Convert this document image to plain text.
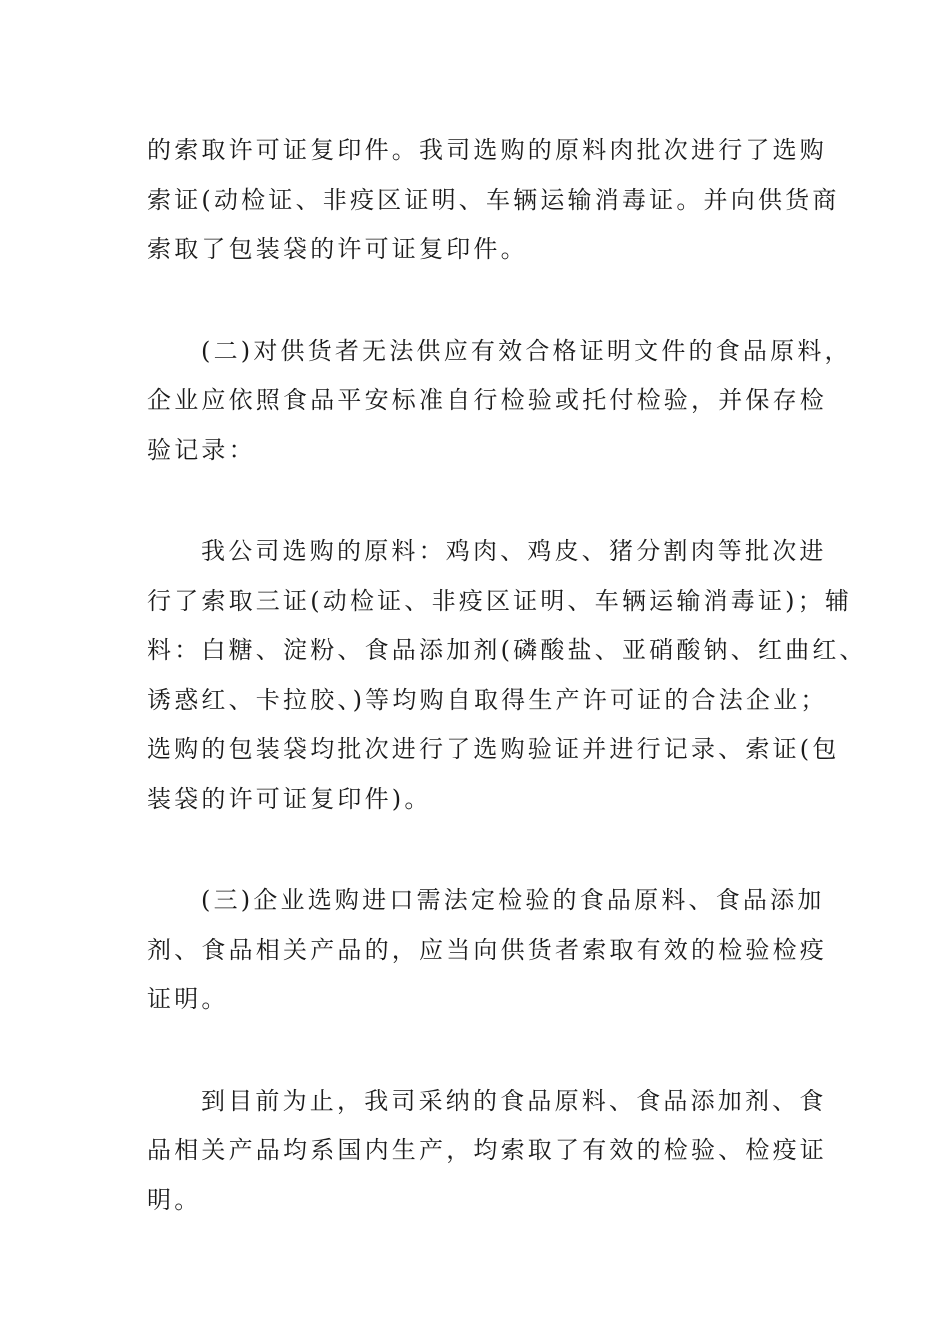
的索取许可证复印件。我司选购的原料肉批次进行了选购
索证(动检证、非疫区证明、车辆运输消毒证。并向供货商
索取了包装袋的许可证复印件。

(二)对供货者无法供应有效合格证明文件的食品原料，
企业应依照食品平安标准自行检验或托付检验，并保存检
验记录：

我公司选购的原料：鸡肉、鸡皮、猪分割肉等批次进
行了索取三证(动检证、非疫区证明、车辆运输消毒证)；辅
料：白糖、淀粉、食品添加剂(磷酸盐、亚硝酸钠、红曲红、
诱惑红、卡拉胶、)等均购自取得生产许可证的合法企业；
选购的包装袋均批次进行了选购验证并进行记录、索证(包
装袋的许可证复印件)。

(三)企业选购进口需法定检验的食品原料、食品添加
剂、食品相关产品的，应当向供货者索取有效的检验检疫
证明。

到目前为止，我司采纳的食品原料、食品添加剂、食
品相关产品均系国内生产，均索取了有效的检验、检疫证
明。
